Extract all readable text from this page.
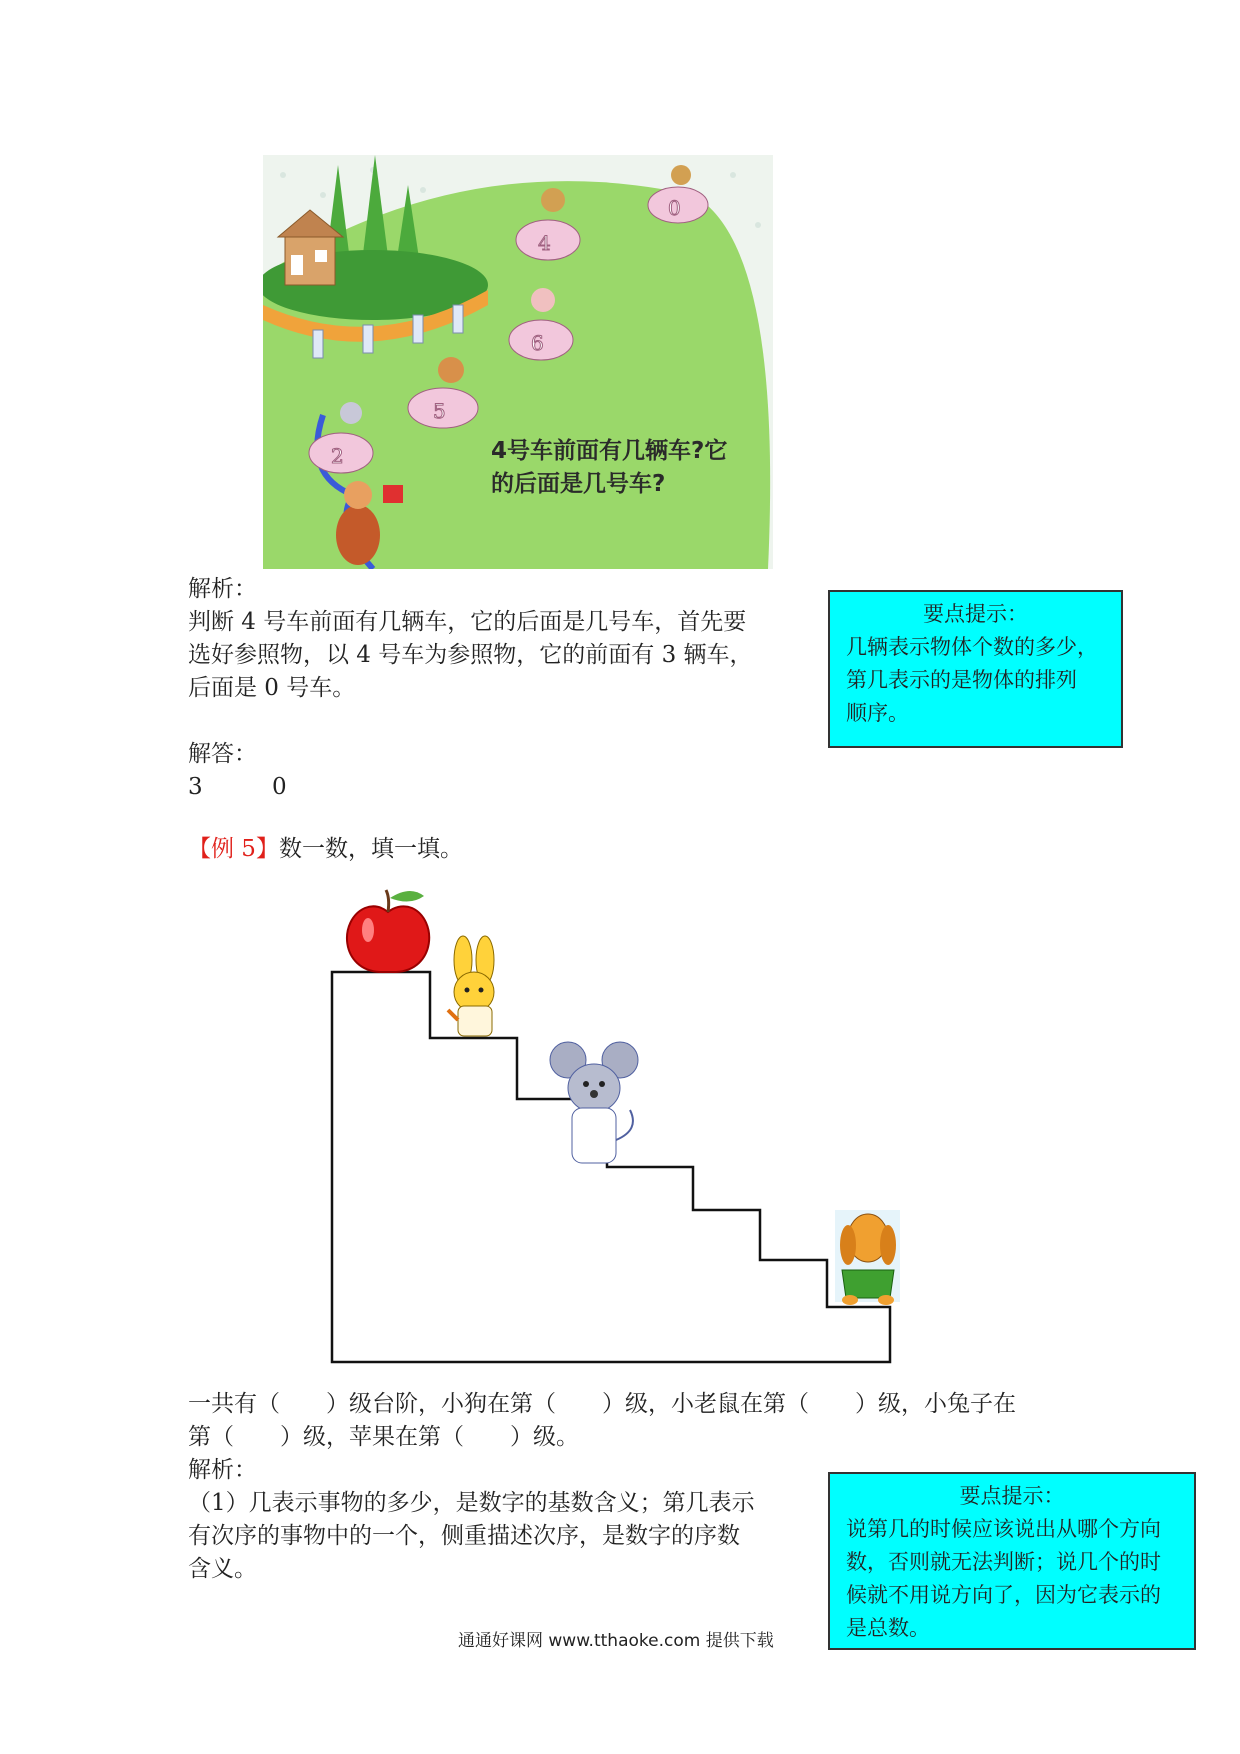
0
4
6
5
2	4号车前面有几辆车?它
的后面是几号车?
解析：
判断 4 号车前面有几辆车，它的后面是几号车，首先要
选好参照物，以 4 号车为参照物，它的前面有 3 辆车，
后面是 0 号车。
解答：
3	0
要点提示：
几辆表示物体个数的多少，
第几表示的是物体的排列
顺序。
【例 5】数一数，填一填。
一共有（　　）级台阶，小狗在第（　　）级，小老鼠在第（　　）级，小兔子在
第（　　）级，苹果在第（　　）级。
解析：
（1）几表示事物的多少，是数字的基数含义；第几表示
有次序的事物中的一个，侧重描述次序，是数字的序数
含义。
要点提示：
说第几的时候应该说出从哪个方向
数，否则就无法判断；说几个的时
候就不用说方向了，因为它表示的
是总数。
通通好课网 www.tthaoke.com 提供下载
